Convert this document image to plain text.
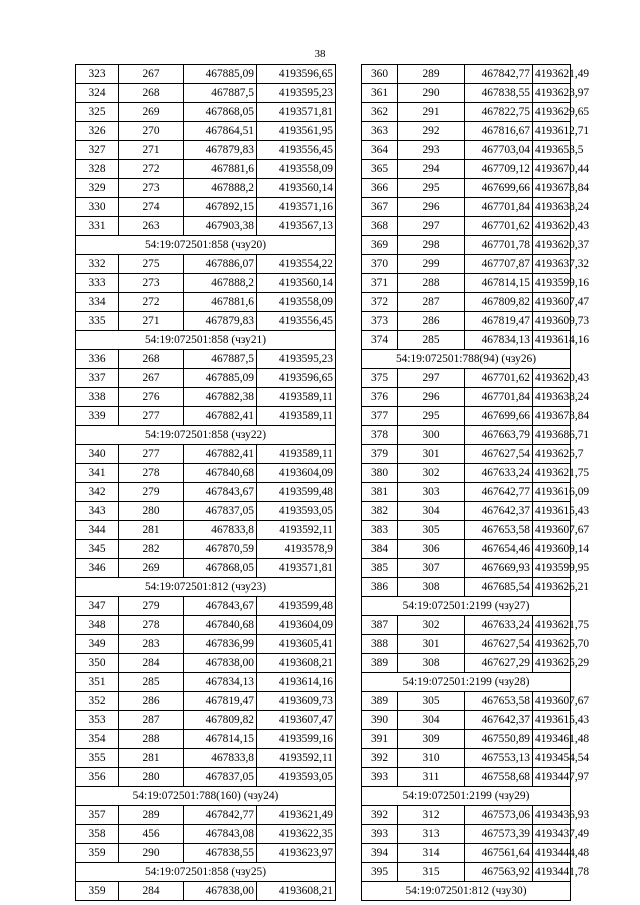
38
323	267	467885,09	4193596,65
324	268	467887,5	4193595,23
325	269	467868,05	4193571,81
326	270	467864,51	4193561,95
327	271	467879,83	4193556,45
328	272	467881,6	4193558,09
329	273	467888,2	4193560,14
330	274	467892,15	4193571,16
331	263	467903,38	4193567,13
54:19:072501:858 (чзу20)			
332	275	467886,07	4193554,22
333	273	467888,2	4193560,14
334	272	467881,6	4193558,09
335	271	467879,83	4193556,45
54:19:072501:858 (чзу21)			
336	268	467887,5	4193595,23
337	267	467885,09	4193596,65
338	276	467882,38	4193589,11
339	277	467882,41	4193589,11
54:19:072501:858 (чзу22)			
340	277	467882,41	4193589,11
341	278	467840,68	4193604,09
342	279	467843,67	4193599,48
343	280	467837,05	4193593,05
344	281	467833,8	4193592,11
345	282	467870,59	4193578,9
346	269	467868,05	4193571,81
54:19:072501:812 (чзу23)			
347	279	467843,67	4193599,48
348	278	467840,68	4193604,09
349	283	467836,99	4193605,41
350	284	467838,00	4193608,21
351	285	467834,13	4193614,16
352	286	467819,47	4193609,73
353	287	467809,82	4193607,47
354	288	467814,15	4193599,16
355	281	467833,8	4193592,11
356	280	467837,05	4193593,05
54:19:072501:788(160) (чзу24)			
357	289	467842,77	4193621,49
358	456	467843,08	4193622,35
359	290	467838,55	4193623,97
54:19:072501:858 (чзу25)			
359	284	467838,00	4193608,21
360	289	467842,77	4193621,49
361	290	467838,55	4193623,97
362	291	467822,75	4193629,65
363	292	467816,67	4193612,71
364	293	467703,04	4193653,5
365	294	467709,12	4193670,44
366	295	467699,66	4193673,84
367	296	467701,84	4193638,24
368	297	467701,62	4193620,43
369	298	467701,78	4193620,37
370	299	467707,87	4193637,32
371	288	467814,15	4193599,16
372	287	467809,82	4193607,47
373	286	467819,47	4193609,73
374	285	467834,13	4193614,16
54:19:072501:788(94) (чзу26)			
375	297	467701,62	4193620,43
376	296	467701,84	4193638,24
377	295	467699,66	4193673,84
378	300	467663,79	4193686,71
379	301	467627,54	4193625,7
380	302	467633,24	4193621,75
381	303	467642,77	4193616,09
382	304	467642,37	4193615,43
383	305	467653,58	4193607,67
384	306	467654,46	4193609,14
385	307	467669,93	4193599,95
386	308	467685,54	4193626,21
54:19:072501:2199 (чзу27)			
387	302	467633,24	4193621,75
388	301	467627,54	4193625,70
389	308	467627,29	4193625,29
54:19:072501:2199 (чзу28)			
389	305	467653,58	4193607,67
390	304	467642,37	4193615,43
391	309	467550,89	4193461,48
392	310	467553,13	4193454,54
393	311	467558,68	4193447,97
54:19:072501:2199 (чзу29)			
392	312	467573,06	4193436,93
393	313	467573,39	4193437,49
394	314	467561,64	4193444,48
395	315	467563,92	4193441,78
54:19:072501:812 (чзу30)			
